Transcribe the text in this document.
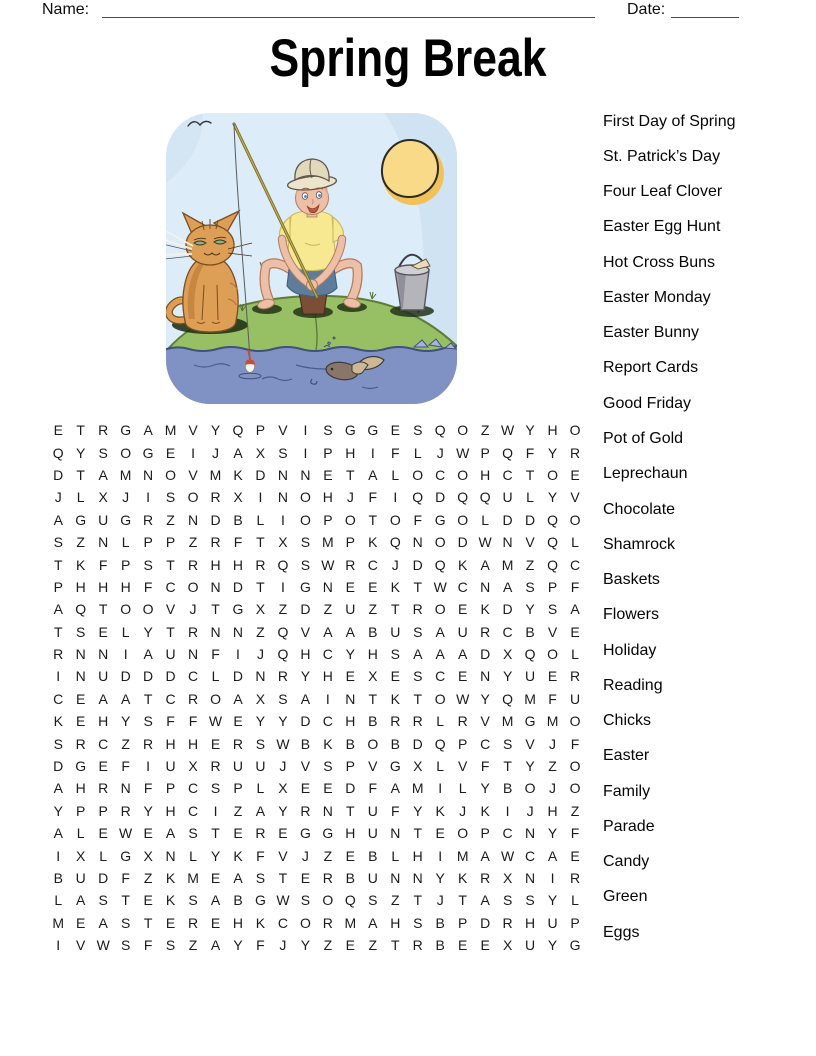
Name:	Date:
Spring Break
E T R G A M V Y Q P V	I	S G G E S Q O Z W Y H O
Q Y S O G E	I	J	A X S	I	P H	I	F	L	J W P Q F Y R
D T A M N O V M K D N N E T A L O C O H C T O E
J	L X	J	I	S O R X	I	N O H J	F	I	Q D Q Q U L Y V
A G U G R Z N D B L	I	O P O T O F G O L D D Q O
S Z N L P P Z R F T X S M P K Q N O D W N V Q L
T K F P S T R H H R Q S W R C J D Q K A M Z Q C
P H H H F C O N D T	I	G N E E K T W C N A S P F
A Q T O O V	J	T G X Z D Z U Z T R O E K D Y S A
T S E L Y T R N N Z Q V A A B U S A U R C B V E
R N N	I	A U N F	I	J Q H C Y H S A A A D X Q O L
I	N U D D D C L D N R Y H E X E S C E N Y U E R
C E A A T C R O A X S A	I	N T K T O W Y Q M F U
K E H Y S F F W E Y Y D C H B R R L R V M G M O
S R C Z R H H E R S W B K B O B D Q P C S V	J	F
D G E F	I	U X R U U J	V S P V G X L V F T Y Z O
A H R N F P C S P L X E E D F A M	I	L Y B O J O
Y P P R Y H C	I	Z A Y R N T U F Y K	J	K	I	J H Z
A L E W E A S T E R E G G H U N T E O P C N Y F
I	X L G X N L Y K F V	J	Z E B L H	I	M A W C A E
B U D F Z K M E A S T E R B U N N Y K R X N	I	R
L A S T E K S A B G W S O Q S Z T	J	T A S S Y L
M E A S T E R E H K C O R M A H S B P D R H U P
I	V W S F S Z A Y F	J	Y Z E Z T R B E E X U Y G
First Day of Spring
St. Patrick’s Day
Four Leaf Clover
Easter Egg Hunt
Hot Cross Buns
Easter Monday
Easter Bunny
Report Cards
Good Friday
Pot of Gold
Leprechaun
Chocolate
Shamrock
Baskets
Flowers
Holiday
Reading
Chicks
Easter
Family
Parade
Candy
Green
Eggs
